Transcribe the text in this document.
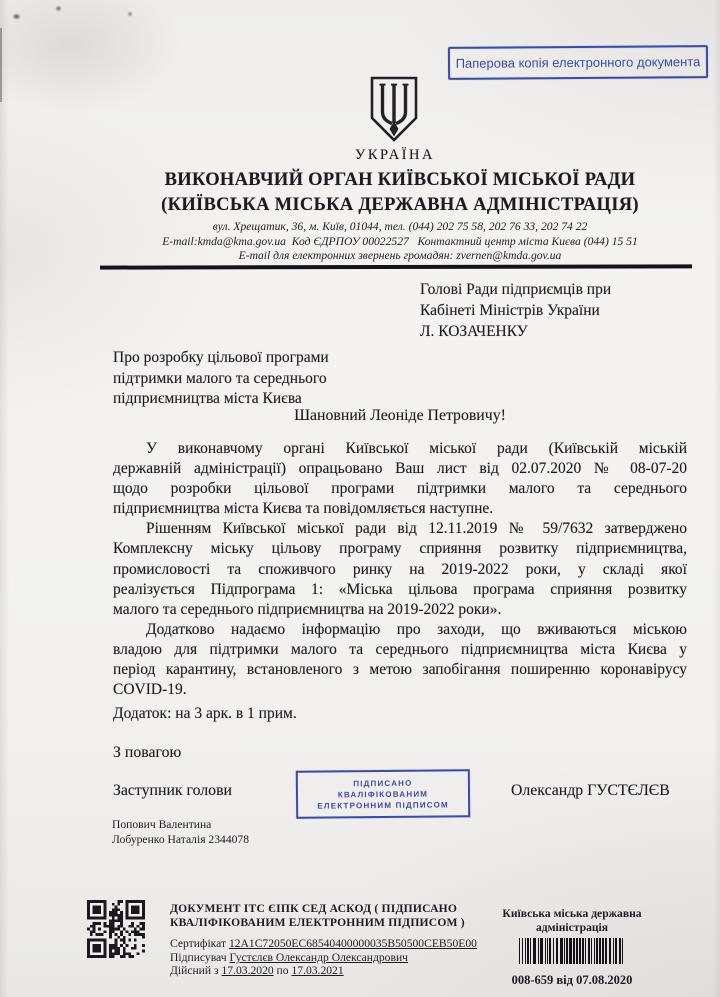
Паперова копія електронного документа
УКРАЇНА
ВИКОНАВЧИЙ ОРГАН КИЇВСЬКОЇ МІСЬКОЇ РАДИ
(КИЇВСЬКА МІСЬКА ДЕРЖАВНА АДМІНІСТРАЦІЯ)
вул. Хрещатик, 36, м. Київ, 01044, тел. (044) 202 75 58, 202 76 33, 202 74 22
E-mail:kmda@kma.gov.ua  Код ЄДРПОУ 00022527   Контактний центр міста Києва (044) 15 51
E-mail для електронних звернень громадян: zvernen@kmda.gov.ua
Голові Ради підприємців при
Кабінеті Міністрів України
Л. КОЗАЧЕНКУ
Про розробку цільової програми
підтримки малого та середнього
підприємництва міста Києва
Шановний Леоніде Петровичу!
У виконавчому органі Київської міської ради (Київській міській
державній адміністрації) опрацьовано Ваш лист від 02.07.2020 № 08-07-20
щодо розробки цільової програми підтримки малого та середнього
підприємництва міста Києва та повідомляється наступне.
Рішенням Київської міської ради від 12.11.2019 № 59/7632 затверджено
Комплексну міську цільову програму сприяння розвитку підприємництва,
промисловості та споживчого ринку на 2019-2022 роки, у складі якої
реалізується Підпрограма 1: «Міська цільова програма сприяння розвитку
малого та середнього підприємництва на 2019-2022 роки».
Додатково надаємо інформацію про заходи, що вживаються міською
владою для підтримки малого та середнього підприємництва міста Києва у
період карантину, встановленого з метою запобігання поширенню коронавірусу
COVID-19.
Додаток: на 3 арк. в 1 прим.
З повагою
Заступник голови	ПІДПИСАНО
КВАЛІФІКОВАНИМ
ЕЛЕКТРОННИМ ПІДПИСОМ
Олександр ГУСТЄЛЄВ
Попович Валентина
Лобуренко Наталія 2344078
ДОКУМЕНТ ІТС ЄІПК СЕД АСКОД ( ПІДПИСАНО
КВАЛІФІКОВАНИМ ЕЛЕКТРОННИМ ПІДПИСОМ )
Сертифікат 12A1C72050EC68540400000035B50500CEB50E00
Підписувач Густєлєв Олександр Олександрович
Дійсний з 17.03.2020 по 17.03.2021
Київська міська державна
адміністрація
008-659 від 07.08.2020
